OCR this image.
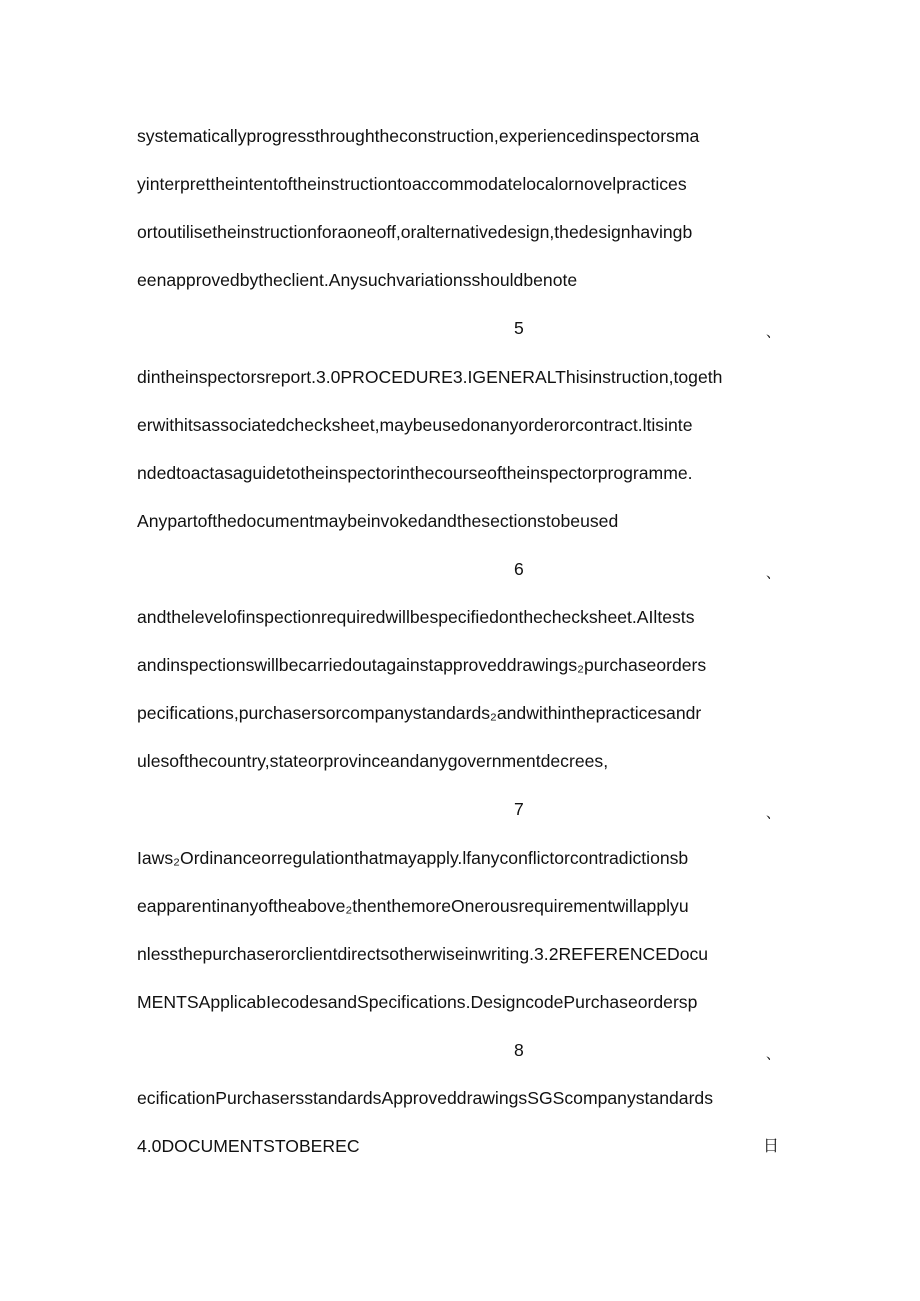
systematicallyprogressthroughtheconstruction,experiencedinspectorsma
yinterprettheintentoftheinstructiontoaccommodatelocalornovelpractices
ortoutilisetheinstructionforaoneoff,oralternativedesign,thedesignhavingb
eenapprovedbytheclient.Anysuchvariationsshouldbenote
5	、
dintheinspectorsreport.3.0PROCEDURE3.IGENERALThisinstruction,togeth
erwithitsassociatedchecksheet,maybeusedonanyorderorcontract.ltisinte
ndedtoactasaguidetotheinspectorinthecourseoftheinspectorprogramme.
Anypartofthedocumentmaybeinvokedandthesectionstobeused
6	、
andthelevelofinspectionrequiredwillbespecifiedonthechecksheet.AIltests
andinspectionswillbecarriedoutagainstapproveddrawings₂purchaseorders
pecifications,purchasersorcompanystandards₂andwithinthepracticesandr
ulesofthecountry,stateorprovinceandanygovernmentdecrees,
7	、
Iaws₂Ordinanceorregulationthatmayapply.lfanyconflictorcontradictionsb
eapparentinanyoftheabove₂thenthemoreOnerousrequirementwillapplyu
nlessthepurchaserorclientdirectsotherwiseinwriting.3.2REFERENCEDocu
MENTSApplicabIecodesandSpecifications.DesigncodePurchaseordersp
8	、
ecificationPurchasersstandardsApproveddrawingsSGScompanystandards
4.0DOCUMENTSTOBEREC	日
